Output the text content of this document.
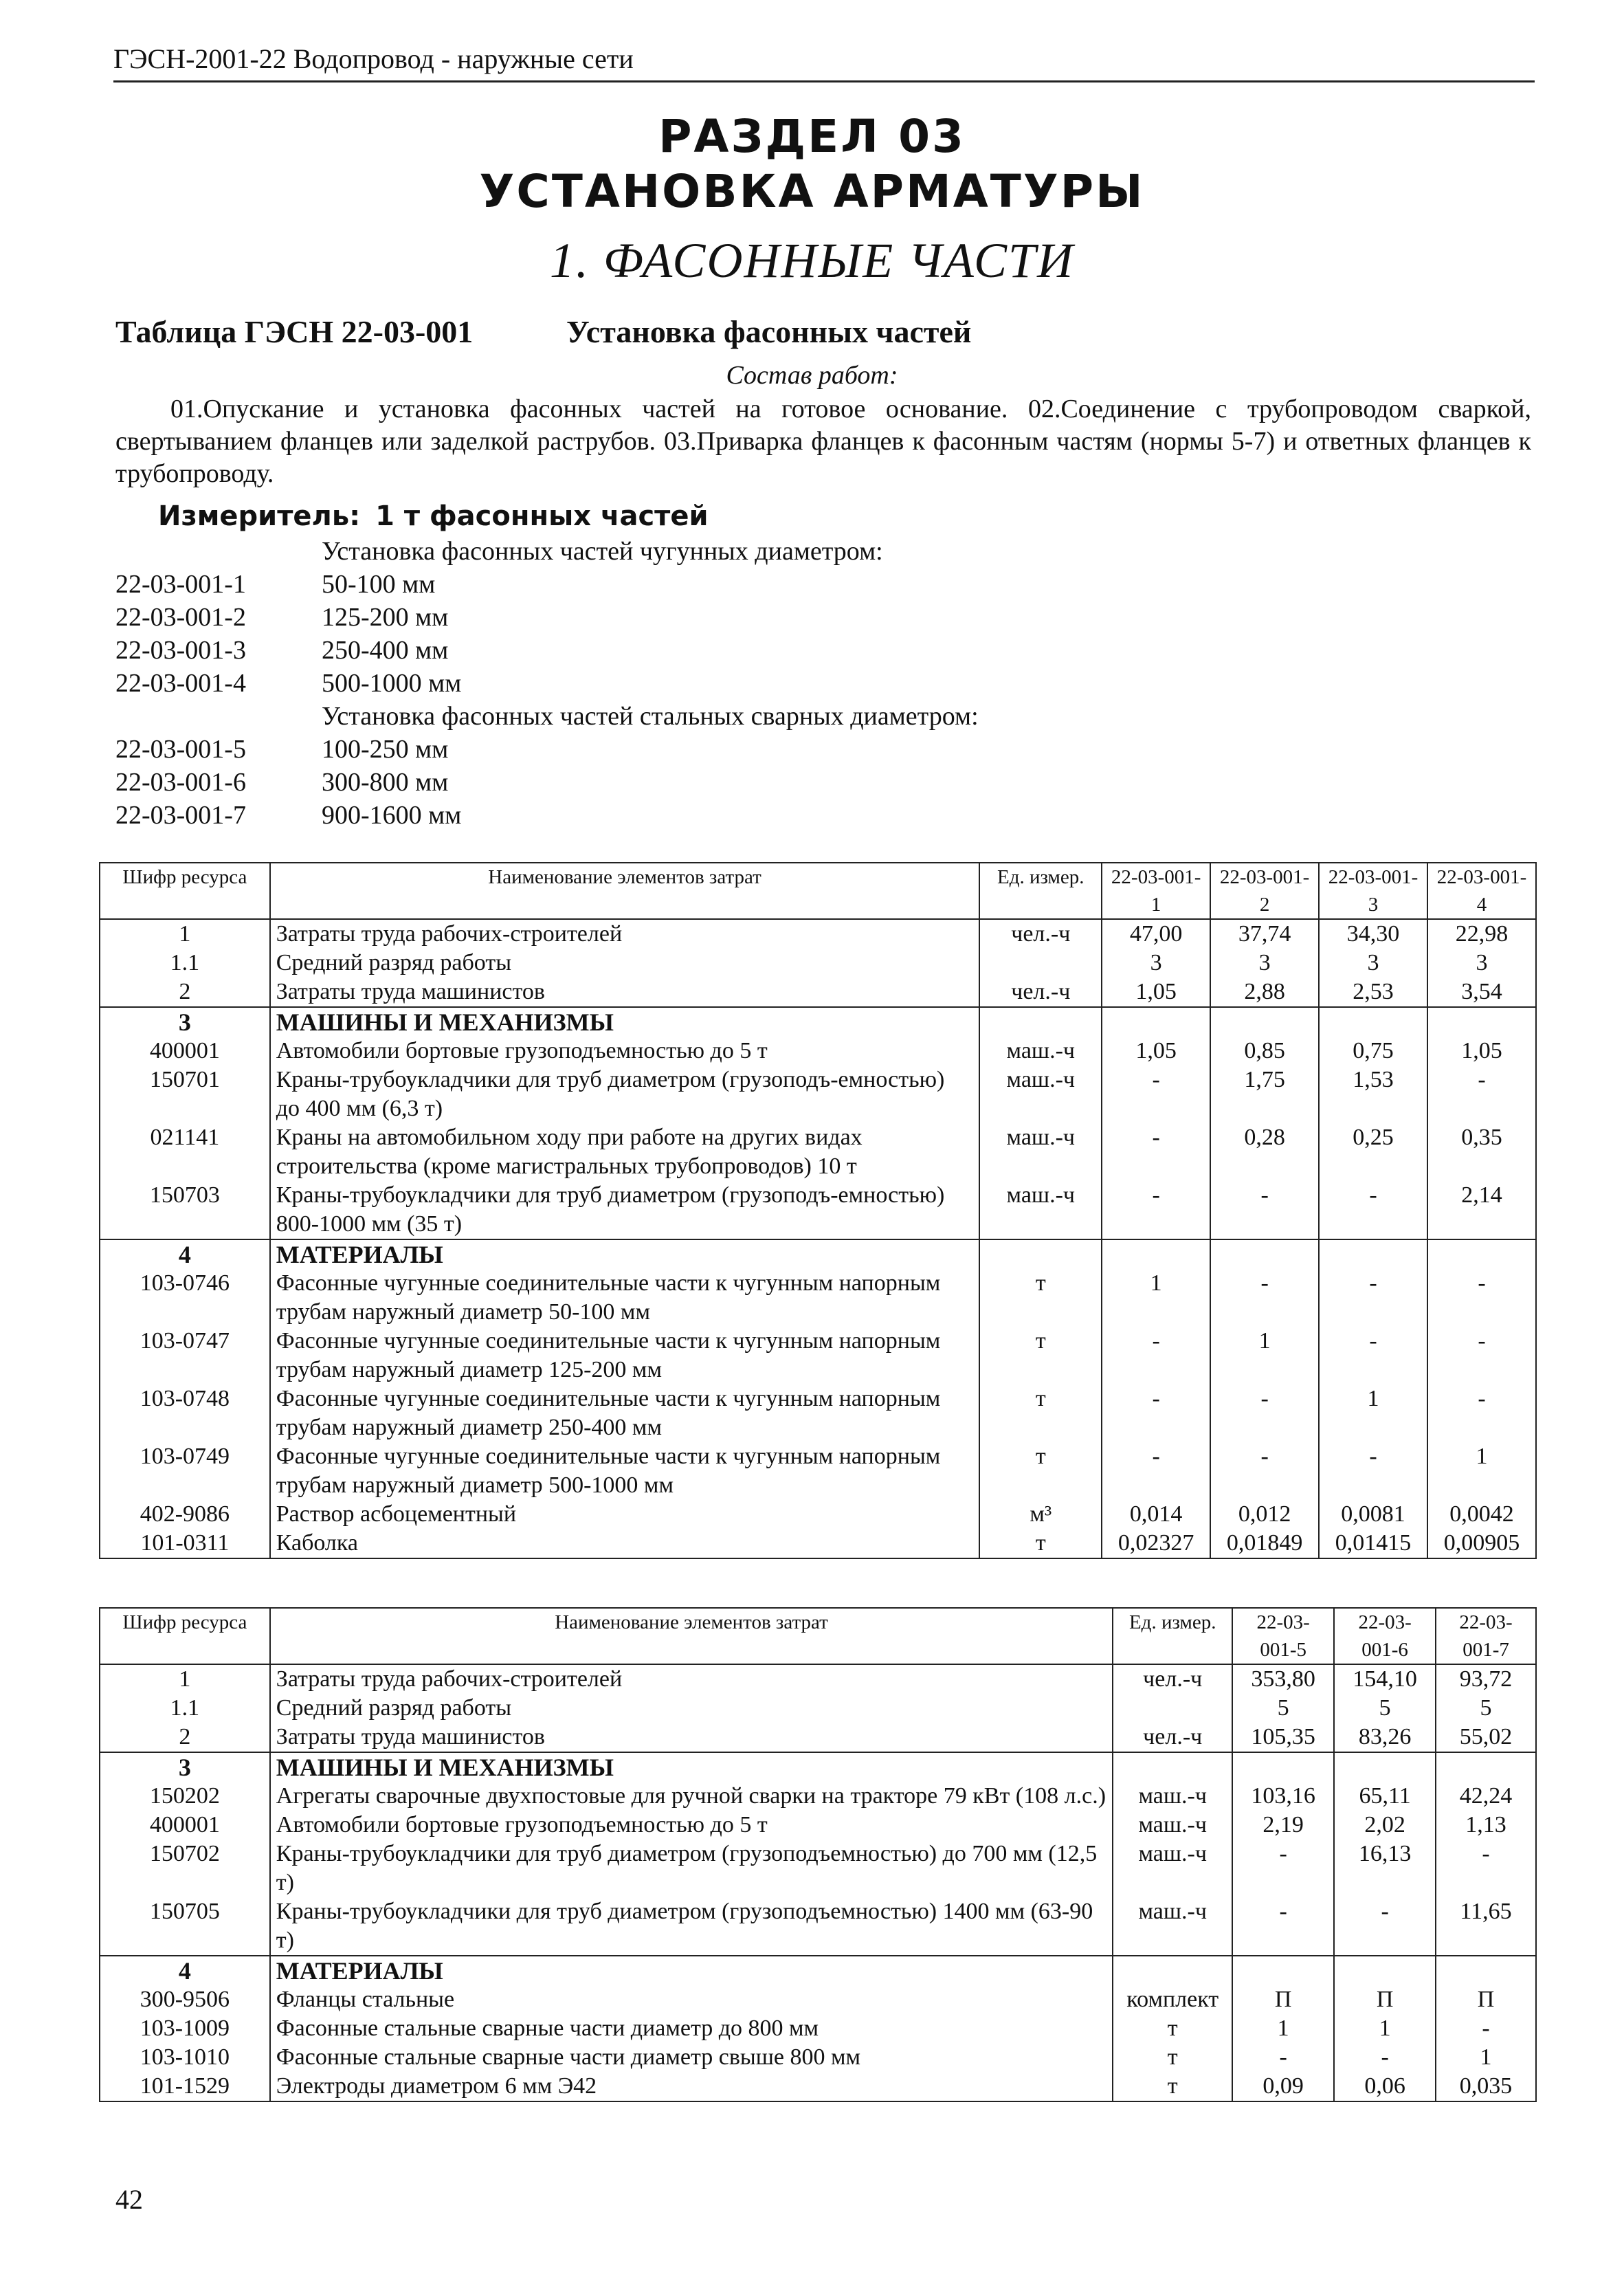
ГЭСН-2001-22 Водопровод - наружные сети
РАЗДЕЛ 03
УСТАНОВКА АРМАТУРЫ
1. ФАСОННЫЕ ЧАСТИ
Таблица ГЭСН 22-03-001	Установка фасонных частей
Состав работ:
01.Опускание и установка фасонных частей на готовое основание. 02.Соединение с трубопроводом сваркой, свертыванием фланцев или заделкой раструбов. 03.Приварка фланцев к фасонным частям (нормы 5-7) и ответных фланцев к трубопроводу.
Измеритель: 1 т фасонных частей
Установка фасонных частей чугунных диаметром:
22-03-001-1	50-100 мм
22-03-001-2	125-200 мм
22-03-001-3	250-400 мм
22-03-001-4	500-1000 мм
Установка фасонных частей стальных сварных диаметром:
22-03-001-5	100-250 мм
22-03-001-6	300-800 мм
22-03-001-7	900-1600 мм
Шифр ресурса	Наименование элементов затрат	Ед. измер.	22-03-001-1	22-03-001-2	22-03-001-3	22-03-001-4
1	Затраты труда рабочих-строителей	чел.-ч	47,00	37,74	34,30	22,98
1.1	Средний разряд работы		3	3	3	3
2	Затраты труда машинистов	чел.-ч	1,05	2,88	2,53	3,54
3	МАШИНЫ И МЕХАНИЗМЫ					
400001	Автомобили бортовые грузоподъемностью до 5 т	маш.-ч	1,05	0,85	0,75	1,05
150701	Краны-трубоукладчики для труб диаметром (грузоподъ-емностью) до 400 мм (6,3 т)	маш.-ч	-	1,75	1,53	-
021141	Краны на автомобильном ходу при работе на других видах строительства (кроме магистральных трубопроводов) 10 т	маш.-ч	-	0,28	0,25	0,35
150703	Краны-трубоукладчики для труб диаметром (грузоподъ-емностью) 800-1000 мм (35 т)	маш.-ч	-	-	-	2,14
4	МАТЕРИАЛЫ					
103-0746	Фасонные чугунные соединительные части к чугунным напорным трубам наружный диаметр 50-100 мм	т	1	-	-	-
103-0747	Фасонные чугунные соединительные части к чугунным напорным трубам наружный диаметр 125-200 мм	т	-	1	-	-
103-0748	Фасонные чугунные соединительные части к чугунным напорным трубам наружный диаметр 250-400 мм	т	-	-	1	-
103-0749	Фасонные чугунные соединительные части к чугунным напорным трубам наружный диаметр 500-1000 мм	т	-	-	-	1
402-9086	Раствор асбоцементный	м³	0,014	0,012	0,0081	0,0042
101-0311	Каболка	т	0,02327	0,01849	0,01415	0,00905
Шифр ресурса	Наименование элементов затрат	Ед. измер.	22-03-001-5	22-03-001-6	22-03-001-7
1	Затраты труда рабочих-строителей	чел.-ч	353,80	154,10	93,72
1.1	Средний разряд работы		5	5	5
2	Затраты труда машинистов	чел.-ч	105,35	83,26	55,02
3	МАШИНЫ И МЕХАНИЗМЫ				
150202	Агрегаты сварочные двухпостовые для ручной сварки на тракторе 79 кВт (108 л.с.)	маш.-ч	103,16	65,11	42,24
400001	Автомобили бортовые грузоподъемностью до 5 т	маш.-ч	2,19	2,02	1,13
150702	Краны-трубоукладчики для труб диаметром (грузоподъемностью) до 700 мм (12,5 т)	маш.-ч	-	16,13	-
150705	Краны-трубоукладчики для труб диаметром (грузоподъемностью) 1400 мм (63-90 т)	маш.-ч	-	-	11,65
4	МАТЕРИАЛЫ				
300-9506	Фланцы стальные	комплект	П	П	П
103-1009	Фасонные стальные сварные части диаметр до 800 мм	т	1	1	-
103-1010	Фасонные стальные сварные части диаметр свыше 800 мм	т	-	-	1
101-1529	Электроды диаметром 6 мм Э42	т	0,09	0,06	0,035
42
